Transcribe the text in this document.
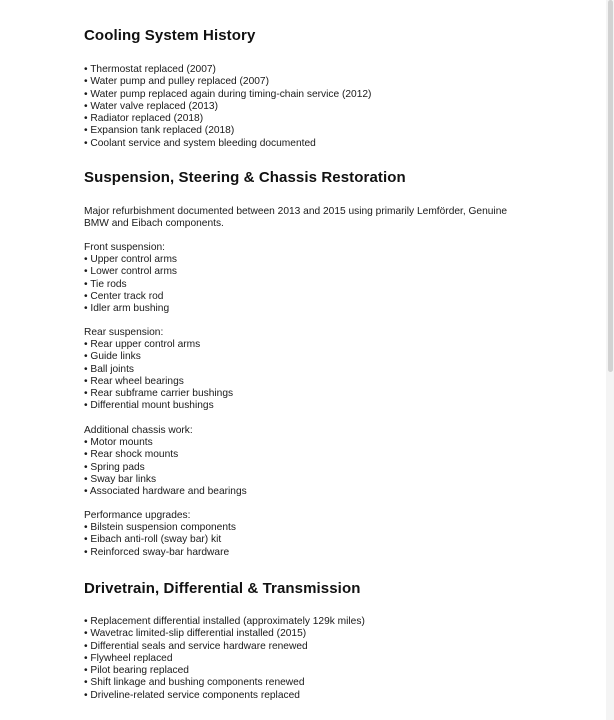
Cooling System History
• Thermostat replaced (2007)
• Water pump and pulley replaced (2007)
• Water pump replaced again during timing-chain service (2012)
• Water valve replaced (2013)
• Radiator replaced (2018)
• Expansion tank replaced (2018)
• Coolant service and system bleeding documented
Suspension, Steering & Chassis Restoration

Major refurbishment documented between 2013 and 2015 using primarily Lemförder, Genuine

BMW and Eibach components.

Front suspension:

• Upper control arms
• Lower control arms
• Tie rods
• Center track rod
• Idler arm bushing

Rear suspension:

• Rear upper control arms
• Guide links
• Ball joints
• Rear wheel bearings
• Rear subframe carrier bushings
• Differential mount bushings

Additional chassis work:

• Motor mounts
• Rear shock mounts
• Spring pads
• Sway bar links
• Associated hardware and bearings

Performance upgrades:

• Bilstein suspension components
• Eibach anti-roll (sway bar) kit
• Reinforced sway-bar hardware
Drivetrain, Differential & Transmission
• Replacement differential installed (approximately 129k miles)
• Wavetrac limited-slip differential installed (2015)
• Differential seals and service hardware renewed
• Flywheel replaced
• Pilot bearing replaced
• Shift linkage and bushing components renewed
• Driveline-related service components replaced
